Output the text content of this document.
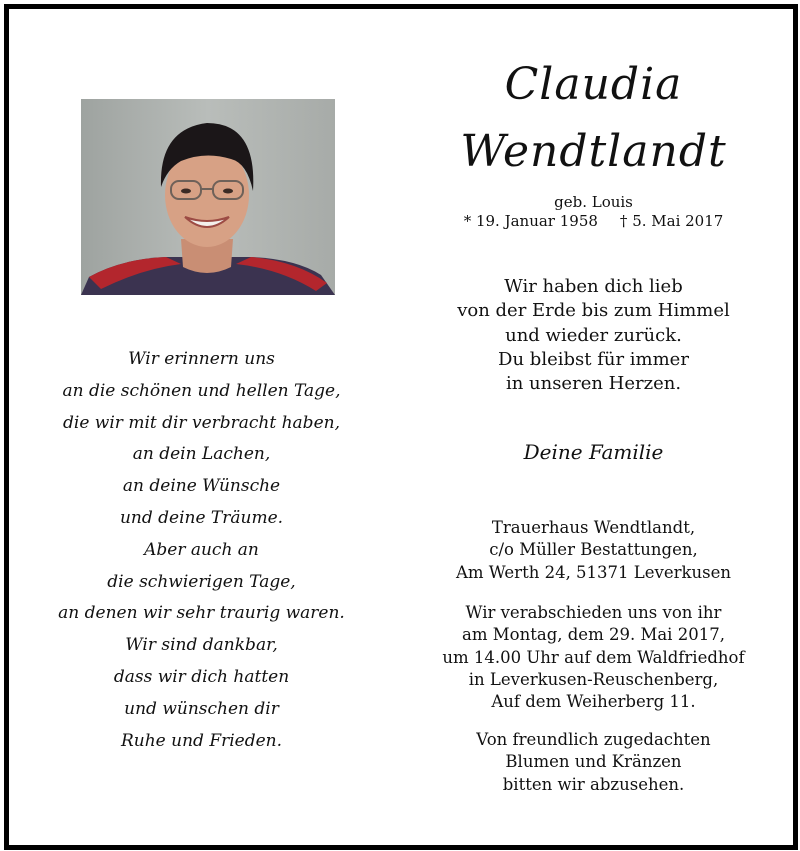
Wir erinnern uns
an die schönen und hellen Tage,
die wir mit dir verbracht haben,
an dein Lachen,
an deine Wünsche
und deine Träume.
Aber auch an
die schwierigen Tage,
an denen wir sehr traurig waren.
Wir sind dankbar,
dass wir dich hatten
und wünschen dir
Ruhe und Frieden.
Claudia
Wendtlandt
geb. Louis
* 19. Januar 1958 † 5. Mai 2017
Wir haben dich lieb
von der Erde bis zum Himmel
und wieder zurück.
Du bleibst für immer
in unseren Herzen.
Deine Familie
Trauerhaus Wendtlandt,
c/o Müller Bestattungen,
Am Werth 24, 51371 Leverkusen
Wir verabschieden uns von ihr
am Montag, dem 29. Mai 2017,
um 14.00 Uhr auf dem Waldfriedhof
in Leverkusen-Reuschenberg,
Auf dem Weiherberg 11.
Von freundlich zugedachten
Blumen und Kränzen
bitten wir abzusehen.
